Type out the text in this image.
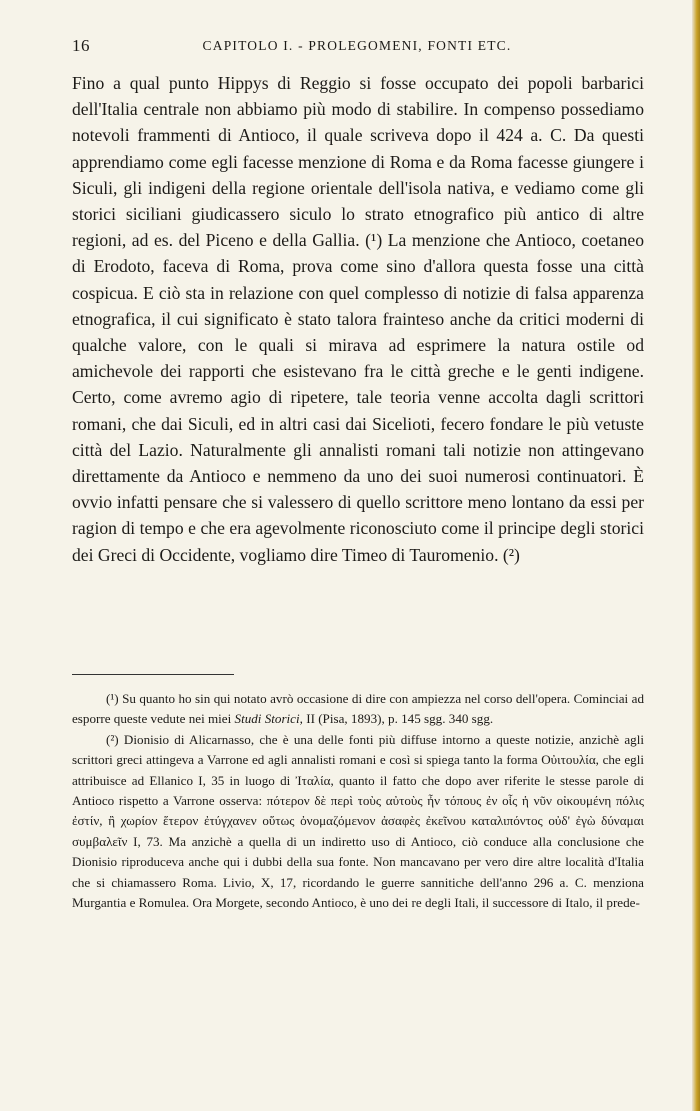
16	CAPITOLO I. - PROLEGOMENI, FONTI ETC.

Fino a qual punto Hippys di Reggio si fosse occupato dei popoli barbarici dell'Italia centrale non abbiamo più modo di stabilire. In compenso possediamo notevoli frammenti di Antioco, il quale scriveva dopo il 424 a. C. Da questi apprendiamo come egli facesse menzione di Roma e da Roma facesse giungere i Siculi, gli indigeni della regione orientale dell'isola nativa, e vediamo come gli storici siciliani giudicassero siculo lo strato etnografico più antico di altre regioni, ad es. del Piceno e della Gallia. (¹) La menzione che Antioco, coetaneo di Erodoto, faceva di Roma, prova come sino d'allora questa fosse una città cospicua. E ciò sta in relazione con quel complesso di notizie di falsa apparenza etnografica, il cui significato è stato talora frainteso anche da critici moderni di qualche valore, con le quali si mirava ad esprimere la natura ostile od amichevole dei rapporti che esistevano fra le città greche e le genti indigene. Certo, come avremo agio di ripetere, tale teoria venne accolta dagli scrittori romani, che dai Siculi, ed in altri casi dai Sicelioti, fecero fondare le più vetuste città del Lazio. Naturalmente gli annalisti romani tali notizie non attingevano direttamente da Antioco e nemmeno da uno dei suoi numerosi continuatori. È ovvio infatti pensare che si valessero di quello scrittore meno lontano da essi per ragion di tempo e che era agevolmente riconosciuto come il principe degli storici dei Greci di Occidente, vogliamo dire Timeo di Tauromenio. (²)

(¹) Su quanto ho sin qui notato avrò occasione di dire con ampiezza nel corso dell'opera. Cominciai ad esporre queste vedute nei miei Studi Storici, II (Pisa, 1893), p. 145 sgg. 340 sgg.

(²) Dionisio di Alicarnasso, che è una delle fonti più diffuse intorno a queste notizie, anzichè agli scrittori greci attingeva a Varrone ed agli annalisti romani e così si spiega tanto la forma Οὐιτουλία, che egli attribuisce ad Ellanico I, 35 in luogo di Ἰταλία, quanto il fatto che dopo aver riferite le stesse parole di Antioco rispetto a Varrone osserva: πότερον δὲ περὶ τοὺς αὐτοὺς ἦν τόπους ἐν οἷς ἡ νῦν οἰκουμένη πόλις ἐστίν, ἢ χωρίον ἕτερον ἐτύγχανεν οὕτως ὀνομαζόμενον ἀσαφὲς ἐκεῖνου καταλιπόντος οὐδ' ἐγὼ δύναμαι συμβαλεῖν I, 73. Ma anzichè a quella di un indiretto uso di Antioco, ciò conduce alla conclusione che Dionisio riproduceva anche qui i dubbi della sua fonte. Non mancavano per vero dire altre località d'Italia che si chiamassero Roma. Livio, X, 17, ricordando le guerre sannitiche dell'anno 296 a. C. menziona Murgantia e Romulea. Ora Morgete, secondo Antioco, è uno dei re degli Itali, il successore di Italo, il prede-
